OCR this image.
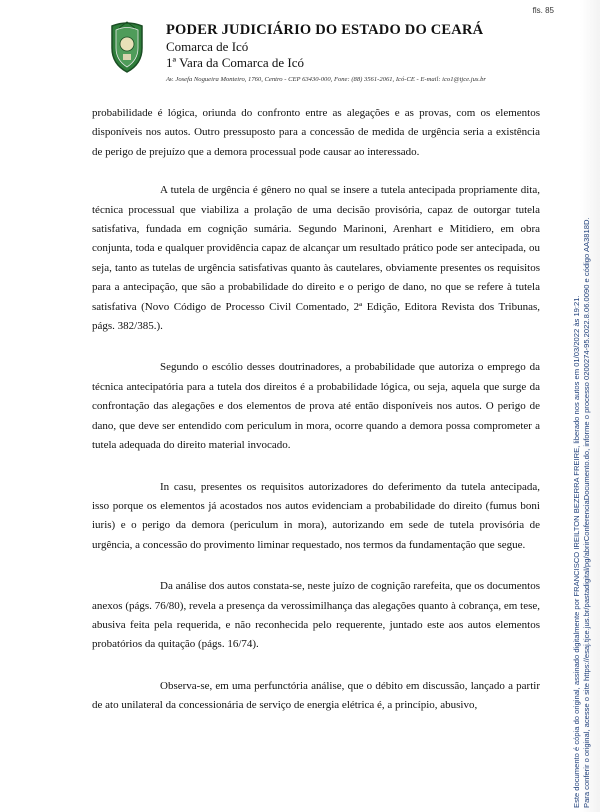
fls. 85
PODER JUDICIÁRIO DO ESTADO DO CEARÁ
Comarca de Icó
1ª Vara da Comarca de Icó
Av. Josefa Nogueira Monteiro, 1760, Centro - CEP 63430-000, Fone: (88) 3561-2061, Icó-CE - E-mail: ico1@tjce.jus.br

probabilidade é lógica, oriunda do confronto entre as alegações e as provas, com os elementos disponíveis nos autos. Outro pressuposto para a concessão de medida de urgência seria a existência de perigo de prejuízo que a demora processual pode causar ao interessado.

A tutela de urgência é gênero no qual se insere a tutela antecipada propriamente dita, técnica processual que viabiliza a prolação de uma decisão provisória, capaz de outorgar tutela satisfativa, fundada em cognição sumária. Segundo Marinoni, Arenhart e Mitidiero, em obra conjunta, toda e qualquer providência capaz de alcançar um resultado prático pode ser antecipada, ou seja, tanto as tutelas de urgência satisfativas quanto às cautelares, obviamente presentes os requisitos para a antecipação, que são a probabilidade do direito e o perigo de dano, no que se refere à tutela satisfativa (Novo Código de Processo Civil Comentado, 2ª Edição, Editora Revista dos Tribunas, págs. 382/385.).

Segundo o escólio desses doutrinadores, a probabilidade que autoriza o emprego da técnica antecipatória para a tutela dos direitos é a probabilidade lógica, ou seja, aquela que surge da confrontação das alegações e dos elementos de prova até então disponíveis nos autos. O perigo de dano, que deve ser entendido com periculum in mora, ocorre quando a demora possa comprometer a tutela adequada do direito material invocado.

In casu, presentes os requisitos autorizadores do deferimento da tutela antecipada, isso porque os elementos já acostados nos autos evidenciam a probabilidade do direito (fumus boni iuris) e o perigo da demora (periculum in mora), autorizando em sede de tutela provisória de urgência, a concessão do provimento liminar requestado, nos termos da fundamentação que segue.

Da análise dos autos constata-se, neste juízo de cognição rarefeita, que os documentos anexos (págs. 76/80), revela a presença da verossimilhança das alegações quanto à cobrança, em tese, abusiva feita pela requerida, e não reconhecida pelo requerente, juntado este aos autos elementos probatórios da quitação (págs. 16/74).

Observa-se, em uma perfunctória análise, que o débito em discussão, lançado a partir de ato unilateral da concessionária de serviço de energia elétrica é, a princípio, abusivo,	Este documento é cópia do original, assinado digitalmente por FRANCISCO IREILTON BEZERRA FREIRE, liberado nos autos em 01/03/2022 às 19:21. Para conferir o original, acesse o site https://esaj.tjce.jus.br/pastadigital/pg/abrirConferenciaDocumento.do, informe o processo 0200274-95.2022.8.06.0090 e código AA3818D.
